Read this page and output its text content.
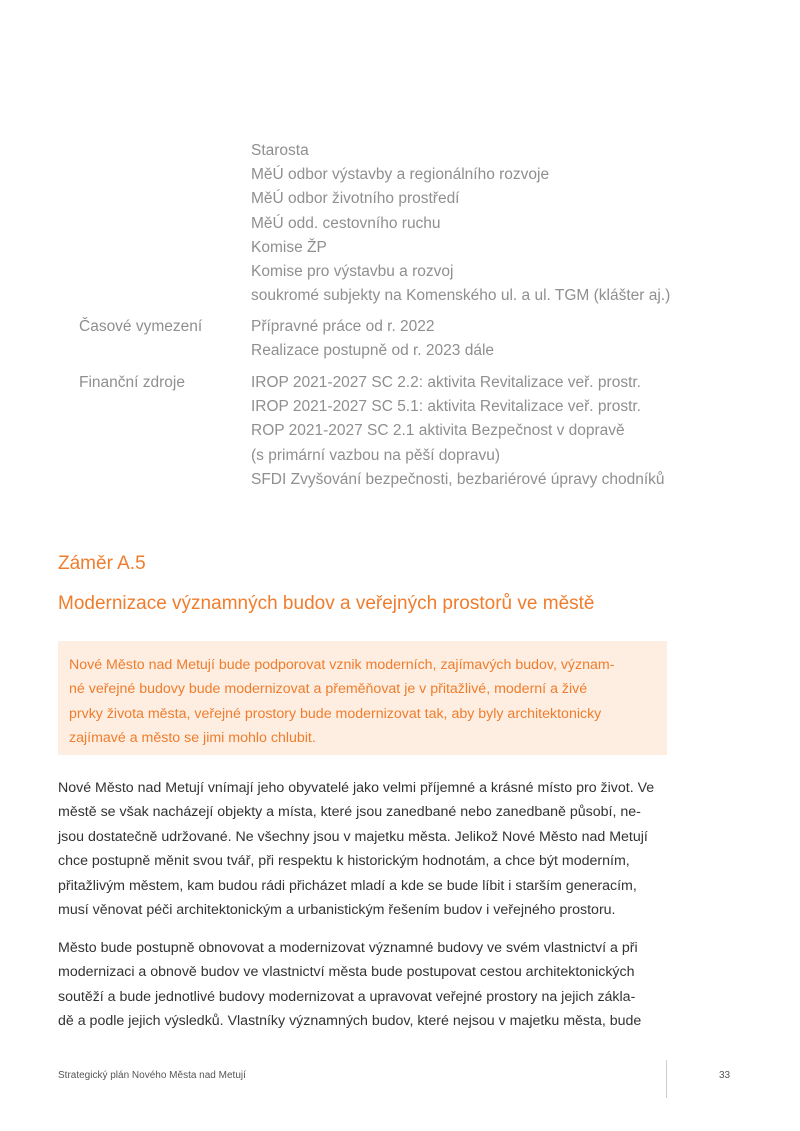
Starosta
MěÚ odbor výstavby a regionálního rozvoje
MěÚ odbor životního prostředí
MěÚ odd. cestovního ruchu
Komise ŽP
Komise pro výstavbu a rozvoj
soukromé subjekty na Komenského ul. a ul. TGM (klášter aj.)
Časové vymezení	Přípravné práce od r. 2022
Realizace postupně od r. 2023 dále
Finanční zdroje	IROP 2021-2027 SC 2.2: aktivita Revitalizace veř. prostr.
IROP 2021-2027 SC 5.1: aktivita Revitalizace veř. prostr.
ROP 2021-2027 SC 2.1 aktivita Bezpečnost v dopravě
(s primární vazbou na pěší dopravu)
SFDI Zvyšování bezpečnosti, bezbariérové úpravy chodníků
Záměr A.5
Modernizace významných budov a veřejných prostorů ve městě
Nové Město nad Metují bude podporovat vznik moderních, zajímavých budov, význam-
né veřejné budovy bude modernizovat a přeměňovat je v přitažlivé, moderní a živé
prvky života města, veřejné prostory bude modernizovat tak, aby byly architektonicky
zajímavé a město se jimi mohlo chlubit.
Nové Město nad Metují vnímají jeho obyvatelé jako velmi příjemné a krásné místo pro život. Ve
městě se však nacházejí objekty a místa, které jsou zanedbané nebo zanedbaně působí, ne-
jsou dostatečně udržované. Ne všechny jsou v majetku města. Jelikož Nové Město nad Metují
chce postupně měnit svou tvář, při respektu k historickým hodnotám, a chce být moderním,
přitažlivým městem, kam budou rádi přicházet mladí a kde se bude líbit i starším generacím,
musí věnovat péči architektonickým a urbanistickým řešením budov i veřejného prostoru.
Město bude postupně obnovovat a modernizovat významné budovy ve svém vlastnictví a při
modernizaci a obnově budov ve vlastnictví města bude postupovat cestou architektonických
soutěží a bude jednotlivé budovy modernizovat a upravovat veřejné prostory na jejich zákla-
dě a podle jejich výsledků. Vlastníky významných budov, které nejsou v majetku města, bude
Strategický plán Nového Města nad Metují	33
